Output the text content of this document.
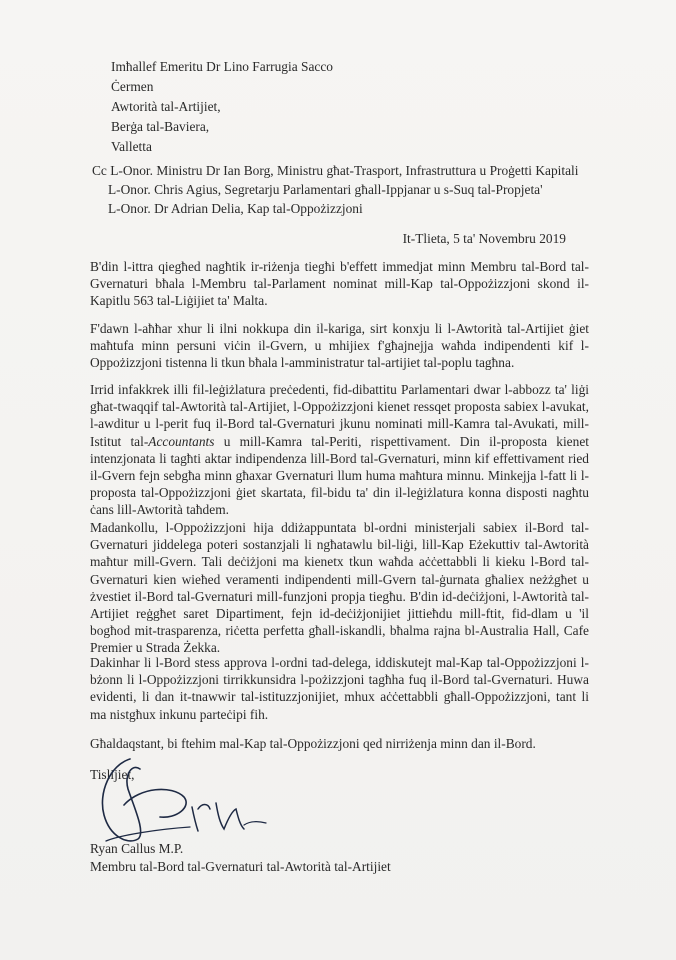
Imħallef Emeritu Dr Lino Farrugia Sacco
Ċermen
Awtorità tal-Artijiet,
Berġa tal-Baviera,
Valletta
Cc L-Onor. Ministru Dr Ian Borg, Ministru għat-Trasport, Infrastruttura u Proġetti Kapitali
L-Onor. Chris Agius, Segretarju Parlamentari għall-Ippjanar u s-Suq tal-Propjeta'
L-Onor. Dr Adrian Delia, Kap tal-Oppożizzjoni
It-Tlieta, 5 ta' Novembru 2019

B'din l-ittra qiegħed nagħtik ir-riżenja tiegħi b'effett immedjat minn Membru tal-Bord tal-Gvernaturi bħala l-Membru tal-Parlament nominat mill-Kap tal-Oppożizzjoni skond il-Kapitlu 563 tal-Liġijiet ta' Malta.

F'dawn l-aħħar xhur li ilni nokkupa din il-kariga, sirt konxju li l-Awtorità tal-Artijiet ġiet maħtufa minn persuni viċin il-Gvern, u mhijiex f'għajnejja waħda indipendenti kif l-Oppożizzjoni tistenna li tkun bħala l-amministratur tal-artijiet tal-poplu tagħna.

Irrid infakkrek illi fil-leġiżlatura preċedenti, fid-dibattitu Parlamentari dwar l-abbozz ta' liġi għat-twaqqif tal-Awtorità tal-Artijiet, l-Oppożizzjoni kienet ressqet proposta sabiex l-avukat, l-awditur u l-perit fuq il-Bord tal-Gvernaturi jkunu nominati mill-Kamra tal-Avukati, mill-Istitut tal-Accountants u mill-Kamra tal-Periti, rispettivament. Din il-proposta kienet intenzjonata li tagħti aktar indipendenza lill-Bord tal-Gvernaturi, minn kif effettivament ried il-Gvern fejn sebgħa minn għaxar Gvernaturi llum huma maħtura minnu. Minkejja l-fatt li l-proposta tal-Oppożizzjoni ġiet skartata, fil-bidu ta' din il-leġiżlatura konna disposti nagħtu ċans lill-Awtorità taħdem.

Madankollu, l-Oppożizzjoni hija ddiżappuntata bl-ordni ministerjali sabiex il-Bord tal-Gvernaturi jiddelega poteri sostanzjali li ngħatawlu bil-liġi, lill-Kap Eżekuttiv tal-Awtorità maħtur mill-Gvern. Tali deċiżjoni ma kienetx tkun waħda aċċettabbli li kieku l-Bord tal-Gvernaturi kien wieħed veramenti indipendenti mill-Gvern tal-ġurnata għaliex neżżgħet u żvestiet il-Bord tal-Gvernaturi mill-funzjoni propja tiegħu. B'din id-deċiżjoni, l-Awtorità tal-Artijiet reġgħet saret Dipartiment, fejn id-deċiżjonijiet jittieħdu mill-ftit, fid-dlam u 'il bogħod mit-trasparenza, riċetta perfetta għall-iskandli, bħalma rajna bl-Australia Hall, Cafe Premier u Strada Żekka.

Dakinhar li l-Bord stess approva l-ordni tad-delega, iddiskutejt mal-Kap tal-Oppożizzjoni l-bżonn li l-Oppożizzjoni tirrikkunsidra l-pożizzjoni tagħha fuq il-Bord tal-Gvernaturi. Huwa evidenti, li dan it-tnawwir tal-istituzzjonijiet, mhux aċċettabbli għall-Oppożizzjoni, tant li ma nistgħux inkunu parteċipi fih.

Għaldaqstant, bi ftehim mal-Kap tal-Oppożizzjoni qed nirriżenja minn dan il-Bord.

Tislijiet,
Ryan Callus M.P.
Membru tal-Bord tal-Gvernaturi tal-Awtorità tal-Artijiet
